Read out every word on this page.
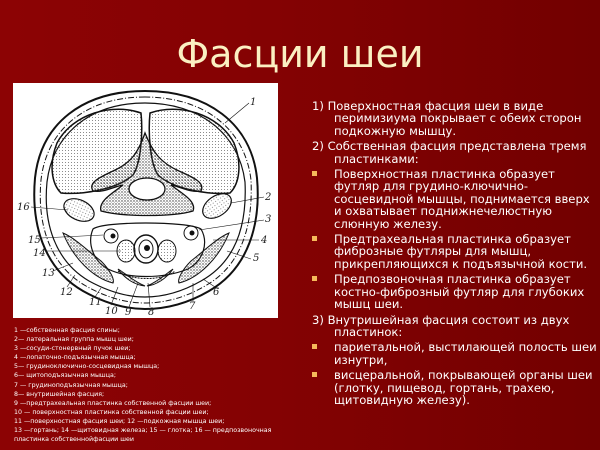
Фасции шеи
1
2
3
4
5
6
7
8
9
10
11
12
13
14
15
16
1 —собственная фасция спины;
2— латеральная группа мышц шеи;
3 —сосуди-стонервный пучок шеи;
4 —лопаточно-подъязычная мышца;
5— грудиноключично-сосцевидная мышца;
6— щитоподъязычная мышца;
7 — грудиноподъязычная мышца;
8— внутришейная фасция;
9 —предтрахеальная пластинка собственной фасции шеи;
10 — поверхностная пластинка собственной фасции шеи;
11 —поверхностная фасция шеи; 12 —подкожная мышца шеи;
13 —гортань; 14 —щитовидная железа; 15 — глотка; 16 — предпозвоночная
пластинка собственнойфасции шеи
1) Поверхностная фасция шеи в виде перимизиума покрывает с обеих сторон подкожную мышцу.
2) Собственная фасция представлена тремя пластинками:
Поверхностная пластинка образует футляр для грудино-ключично-сосцевидной мышцы, поднимается вверх и охватывает поднижнечелюстную слюнную железу.
Предтрахеальная пластинка образует фиброзные футляры для мышц, прикрепляющихся к подъязычной кости.
Предпозвоночная пластинка образует костно-фиброзный футляр для глубоких мышц шеи.
3) Внутришейная фасция состоит из двух пластинок:
париетальной, выстилающей полость шеи изнутри,
висцеральной, покрывающей органы шеи (глотку, пищевод, гортань, трахею, щитовидную железу).
